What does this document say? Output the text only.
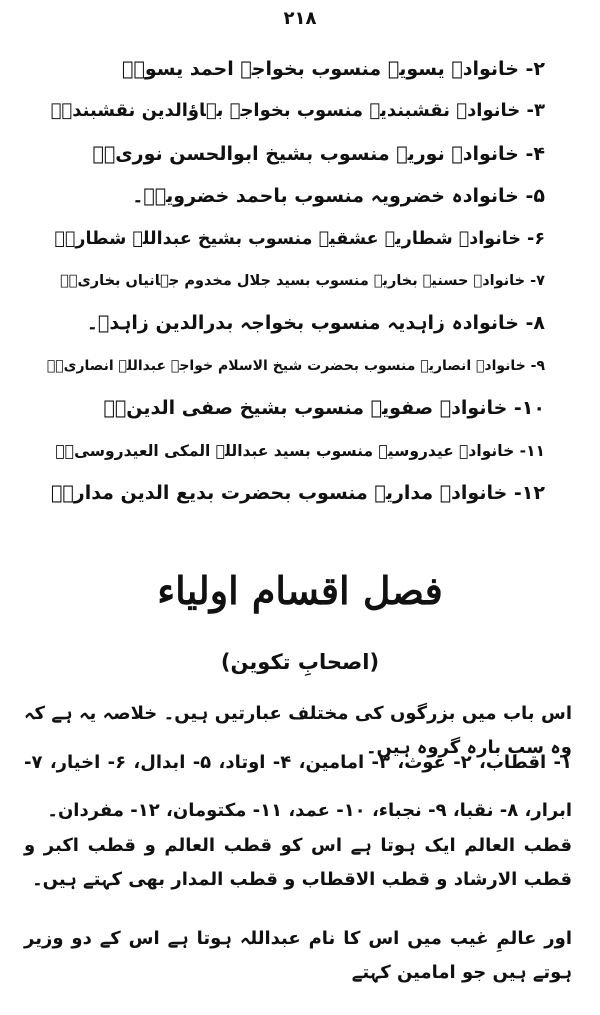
۲۱۸
۲- خانوادہ یسویہ منسوب بخواجہ احمد یسوؒ۔
۳- خانوادہ نقشبندیہ منسوب بخواجہ بہاؤالدین نقشبندؒ۔
۴- خانوادہ نوریہ منسوب بشیخ ابوالحسن نوریؒ۔
۵- خانوادہ خضرویہ منسوب باحمد خضرویہؒ۔
۶- خانوادہ شطاریہ عشقیہ منسوب بشیخ عبداللہ شطارؒ۔
۷- خانوادہ حسنیہ بخاریہ منسوب بسید جلال مخدوم جہانیاں بخاریؒ۔
۸- خانوادہ زاہدیہ منسوب بخواجہ بدرالدین زاہدؒ۔
۹- خانوادہ انصاریہ منسوب بحضرت شیخ الاسلام خواجہ عبداللہ انصاریؒ۔
۱۰- خانوادہ صفویہ منسوب بشیخ صفی الدینؒ۔
۱۱- خانوادہ عیدروسیہ منسوب بسید عبداللہ المکی العیدروسیؒ۔
۱۲- خانوادہ مداریہ منسوب بحضرت بدیع الدین مدارؒ۔
فصل اقسام اولیاء
(اصحابِ تکوین)

اس باب میں بزرگوں کی مختلف عبارتیں ہیں۔ خلاصہ یہ ہے کہ وہ سب بارہ گروہ ہیں۔

۱- اقطاب، ۲- غوث، ۳- امامین، ۴- اوتاد، ۵- ابدال، ۶- اخیار، ۷- ابرار، ۸- نقبا، ۹- نجباء، ۱۰- عمد، ۱۱- مکتومان، ۱۲- مفردان۔

قطب العالم ایک ہوتا ہے اس کو قطب العالم و قطب اکبر و قطب الارشاد و قطب الاقطاب و قطب المدار بھی کہتے ہیں۔

اور عالمِ غیب میں اس کا نام عبداللہ ہوتا ہے اس کے دو وزیر ہوتے ہیں جو امامین کہتے
